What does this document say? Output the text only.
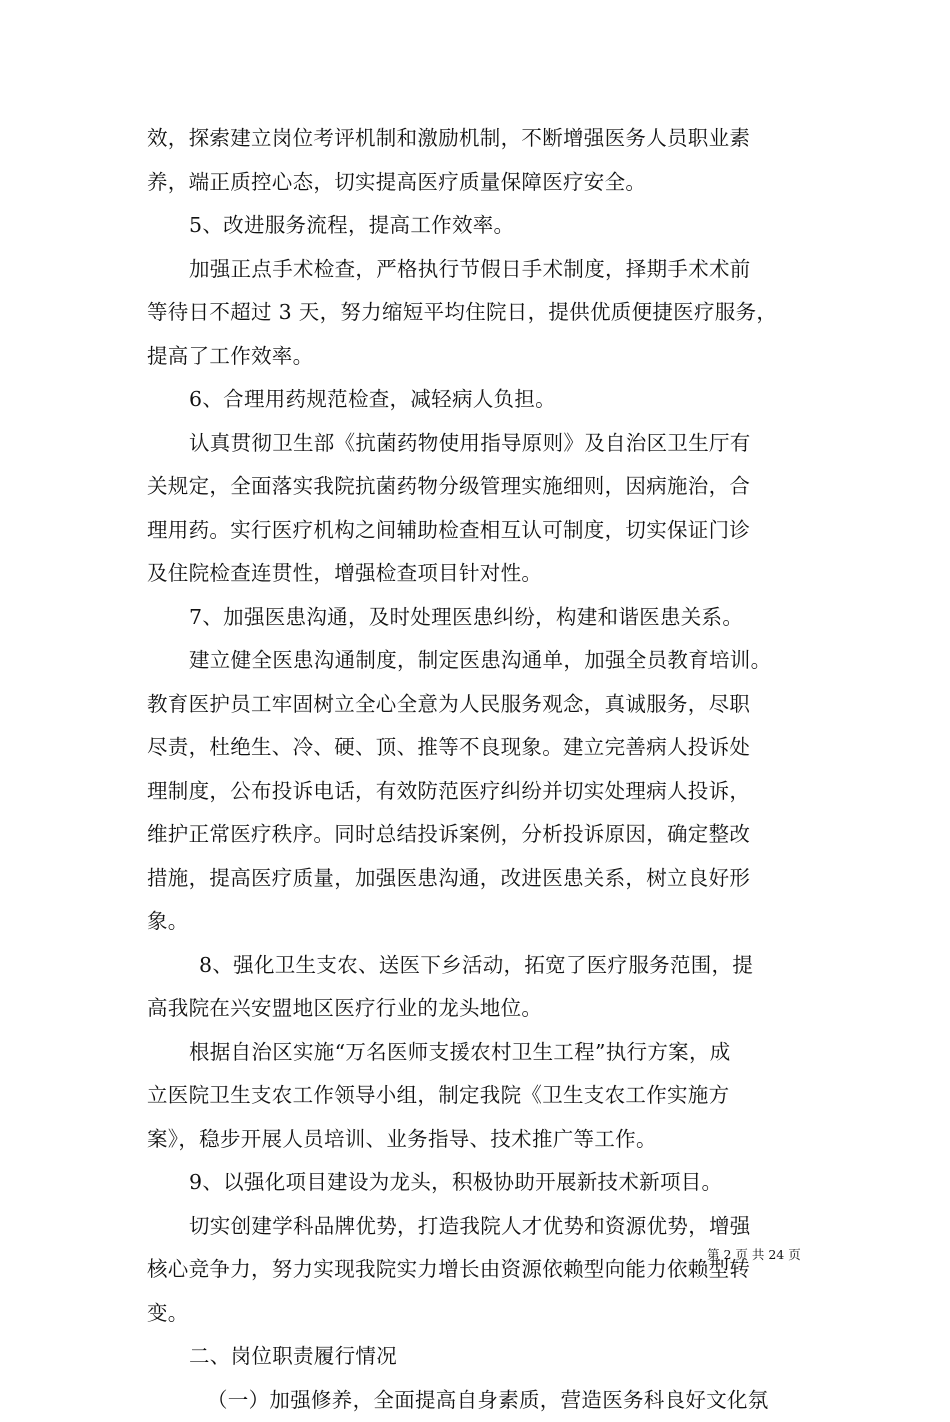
效，探索建立岗位考评机制和激励机制，不断增强医务人员职业素
养，端正质控心态，切实提高医疗质量保障医疗安全。
5、改进服务流程，提高工作效率。
加强正点手术检查，严格执行节假日手术制度，择期手术术前
等待日不超过 3 天，努力缩短平均住院日，提供优质便捷医疗服务，
提高了工作效率。
6、合理用药规范检查，减轻病人负担。
认真贯彻卫生部《抗菌药物使用指导原则》及自治区卫生厅有
关规定，全面落实我院抗菌药物分级管理实施细则，因病施治，合
理用药。实行医疗机构之间辅助检查相互认可制度，切实保证门诊
及住院检查连贯性，增强检查项目针对性。
7、加强医患沟通，及时处理医患纠纷，构建和谐医患关系。
建立健全医患沟通制度，制定医患沟通单，加强全员教育培训。
教育医护员工牢固树立全心全意为人民服务观念，真诚服务，尽职
尽责，杜绝生、冷、硬、顶、推等不良现象。建立完善病人投诉处
理制度，公布投诉电话，有效防范医疗纠纷并切实处理病人投诉，
维护正常医疗秩序。同时总结投诉案例，分析投诉原因，确定整改
措施，提高医疗质量，加强医患沟通，改进医患关系，树立良好形
象。
8、强化卫生支农、送医下乡活动，拓宽了医疗服务范围，提
高我院在兴安盟地区医疗行业的龙头地位。
根据自治区实施“万名医师支援农村卫生工程”执行方案，成
立医院卫生支农工作领导小组，制定我院《卫生支农工作实施方
案》，稳步开展人员培训、业务指导、技术推广等工作。
9、以强化项目建设为龙头，积极协助开展新技术新项目。
切实创建学科品牌优势，打造我院人才优势和资源优势，增强
核心竞争力，努力实现我院实力增长由资源依赖型向能力依赖型转
变。
二、岗位职责履行情况
（一）加强修养，全面提高自身素质，营造医务科良好文化氛
第 2 页 共 24 页
